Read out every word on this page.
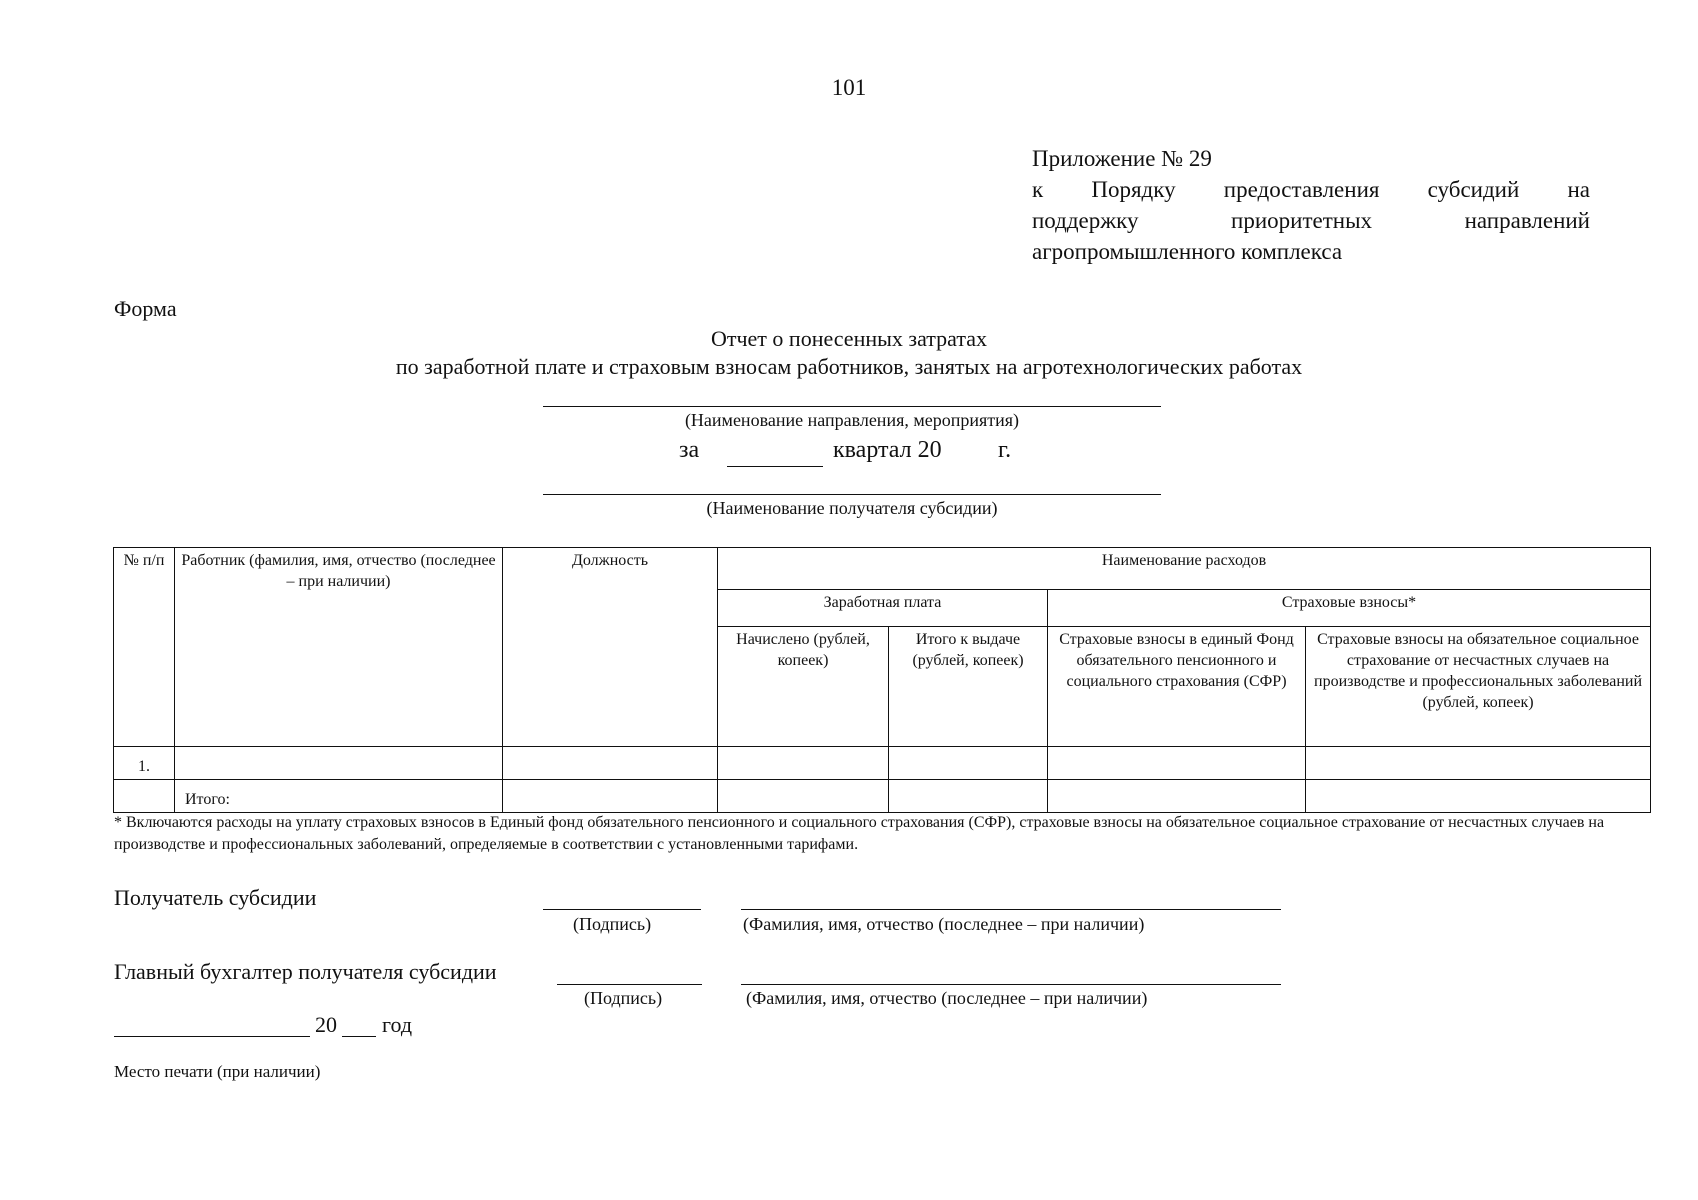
101
Приложение № 29
к Порядку предоставления субсидий на
поддержку приоритетных направлений
агропромышленного комплекса
Форма
Отчет о понесенных затратах
по заработной плате и страховым взносам работников, занятых на агротехнологических работах
(Наименование направления, мероприятия)
за	квартал 20 г.
(Наименование получателя субсидии)
№ п/п	Работник (фамилия, имя, отчество (последнее – при наличии)	Должность	Наименование расходов			
			Заработная плата		Страховые взносы*	
			Начислено (рублей, копеек)	Итого к выдаче (рублей, копеек)	Страховые взносы в единый Фонд обязательного пенсионного и социального страхования (СФР)	Страховые взносы на обязательное социальное страхование от несчастных случаев на производстве и профессиональных заболеваний (рублей, копеек)
1.						
	Итого:					
* Включаются расходы на уплату страховых взносов в Единый фонд обязательного пенсионного и социального страхования (СФР), страховые взносы на обязательное социальное страхование от несчастных случаев на производстве и профессиональных заболеваний, определяемые в соответствии с установленными тарифами.
Получатель субсидии
(Подпись)	(Фамилия, имя, отчество (последнее – при наличии)
Главный бухгалтер получателя субсидии
(Подпись)	(Фамилия, имя, отчество (последнее – при наличии)
20 год
Место печати (при наличии)
